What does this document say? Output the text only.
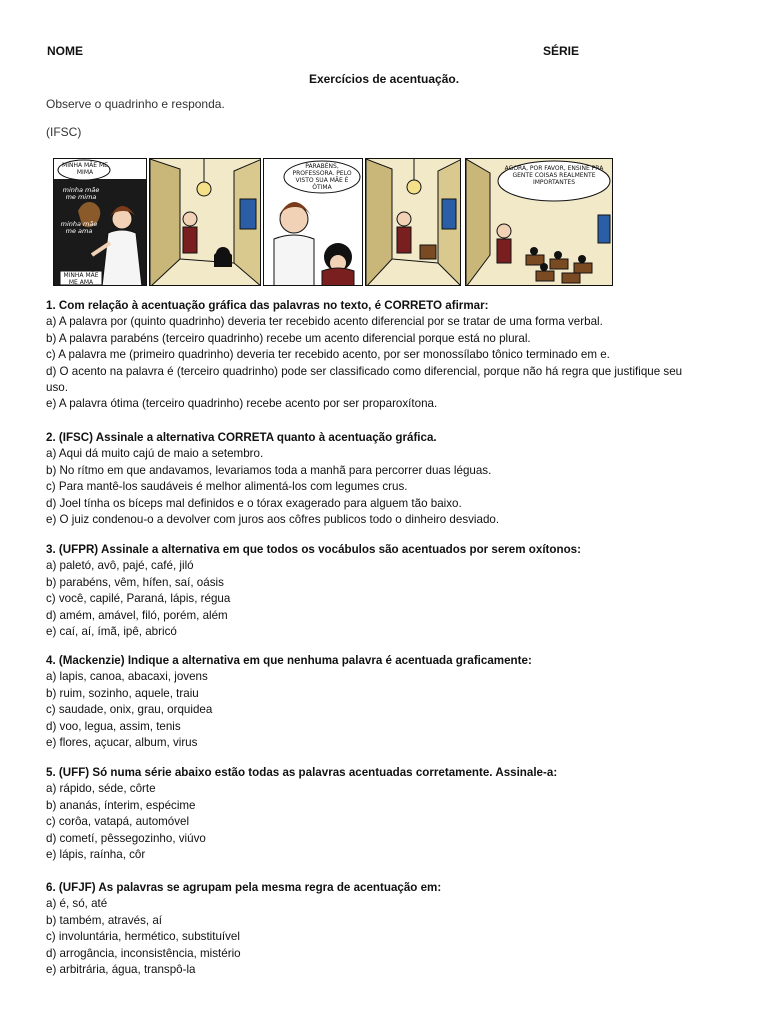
NOME	SÉRIE
Exercícios de acentuação.
Observe o quadrinho e responda.
(IFSC)
MINHA MÃE ME MIMA
minha mãe me mima
minha mãe me ama
MINHA MÃE ME AMA
PARABÉNS, PROFESSORA. PELO VISTO SUA MÃE É ÓTIMA
AGORA, POR FAVOR, ENSINE PRA GENTE COISAS REALMENTE IMPORTANTES
1. Com relação à acentuação gráfica das palavras no texto, é CORRETO afirmar:
a) A palavra por (quinto quadrinho) deveria ter recebido acento diferencial por se tratar de uma forma verbal.
b) A palavra parabéns (terceiro quadrinho) recebe um acento diferencial porque está no plural.
c) A palavra me (primeiro quadrinho) deveria ter recebido acento, por ser monossílabo tônico terminado em e.
d) O acento na palavra é (terceiro quadrinho) pode ser classificado como diferencial, porque não há regra que justifique seu uso.
e) A palavra ótima (terceiro quadrinho) recebe acento por ser proparoxítona.
2. (IFSC) Assinale a alternativa CORRETA quanto à acentuação gráfica.
a) Aqui dá muito cajú de maio a setembro.
b) No rítmo em que andavamos, levariamos toda a manhã para percorrer duas léguas.
c) Para mantê-los saudáveis é melhor alimentá-los com legumes crus.
d) Joel tínha os bíceps mal definidos e o tórax exagerado para alguem tão baixo.
e) O juiz condenou-o a devolver com juros aos côfres publicos todo o dinheiro desviado.
3. (UFPR) Assinale a alternativa em que todos os vocábulos são acentuados por serem oxítonos:
a) paletó, avô, pajé, café, jiló
b) parabéns, vêm, hífen, saí, oásis
c) você, capilé, Paraná, lápis, régua
d) amém, amável, filó, porém, além
e) caí, aí, ímã, ipê, abricó
4. (Mackenzie) Indique a alternativa em que nenhuma palavra é acentuada graficamente:
a) lapis, canoa, abacaxi, jovens
b) ruim, sozinho, aquele, traiu
c) saudade, onix, grau, orquidea
d) voo, legua, assim, tenis
e) flores, açucar, album, virus
5. (UFF) Só numa série abaixo estão todas as palavras acentuadas corretamente. Assinale-a:
a) rápido, séde, côrte
b) ananás, ínterim, espécime
c) corôa, vatapá, automóvel
d) cometí, pêssegozinho, viúvo
e) lápis, raínha, côr
6. (UFJF) As palavras se agrupam pela mesma regra de acentuação em:
a) é, só, até
b) também, através, aí
c) involuntária, hermético, substituível
d) arrogância, inconsistência, mistério
e) arbitrária, água, transpô-la
